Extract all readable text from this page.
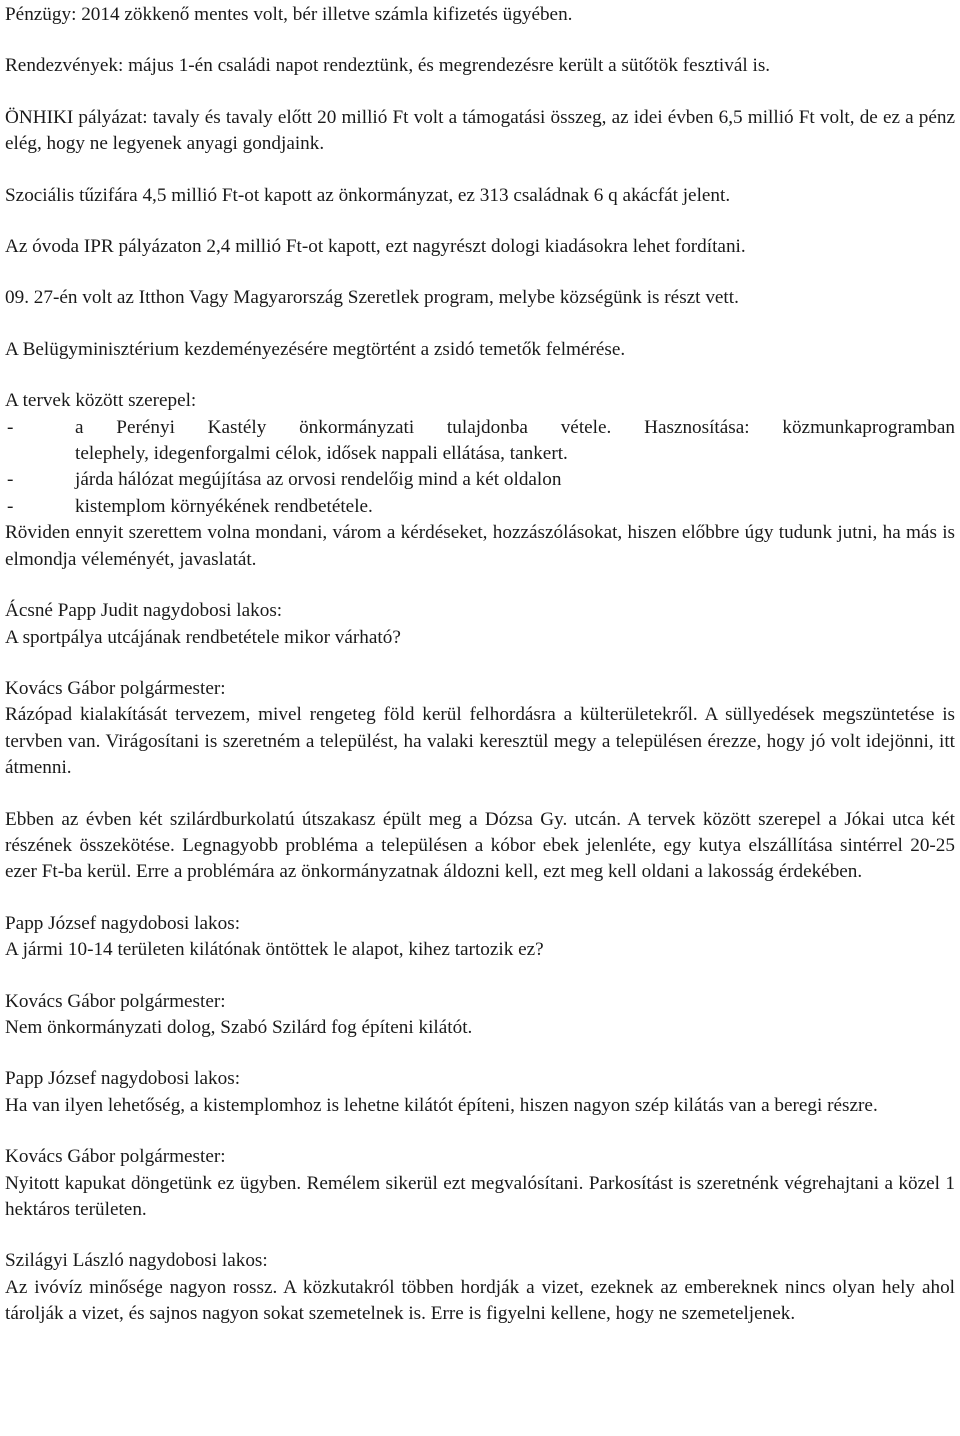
Pénzügy: 2014 zökkenő mentes volt, bér illetve számla kifizetés ügyében.

Rendezvények: május 1-én családi napot rendeztünk, és megrendezésre került a sütőtök fesztivál is.

ÖNHIKI pályázat: tavaly és tavaly előtt 20 millió Ft volt a támogatási összeg, az idei évben 6,5 millió Ft volt, de ez a pénz elég, hogy ne legyenek anyagi gondjaink.

Szociális tűzifára 4,5 millió Ft-ot kapott az önkormányzat, ez 313 családnak 6 q akácfát jelent.

Az óvoda IPR pályázaton 2,4 millió Ft-ot kapott, ezt nagyrészt dologi kiadásokra lehet fordítani.

09. 27-én volt az Itthon Vagy Magyarország Szeretlek program, melybe községünk is részt vett.

A Belügyminisztérium kezdeményezésére megtörtént a zsidó temetők felmérése.

A tervek között szerepel:

-	a Perényi Kastély önkormányzati tulajdonba vétele. Hasznosítása: közmunkaprogramban
telephely, idegenforgalmi célok, idősek nappali ellátása, tankert.
-	járda hálózat megújítása az orvosi rendelőig mind a két oldalon
-	kistemplom környékének rendbetétele.

Röviden ennyit szerettem volna mondani, várom a kérdéseket, hozzászólásokat, hiszen előbbre úgy tudunk jutni, ha más is elmondja véleményét, javaslatát.

Ácsné Papp Judit nagydobosi lakos:

A sportpálya utcájának rendbetétele mikor várható?

Kovács Gábor polgármester:

Rázópad kialakítását tervezem, mivel rengeteg föld kerül felhordásra a külterületekről. A süllyedések megszüntetése is tervben van. Virágosítani is szeretném a települést, ha valaki keresztül megy a településen érezze, hogy jó volt idejönni, itt átmenni.

Ebben az évben két szilárdburkolatú útszakasz épült meg a Dózsa Gy. utcán. A tervek között szerepel a Jókai utca két részének összekötése. Legnagyobb probléma a településen a kóbor ebek jelenléte, egy kutya elszállítása sintérrel 20-25 ezer Ft-ba kerül. Erre a problémára az önkormányzatnak áldozni kell, ezt meg kell oldani a lakosság érdekében.

Papp József nagydobosi lakos:

A jármi 10-14 területen kilátónak öntöttek le alapot, kihez tartozik ez?

Kovács Gábor polgármester:

Nem önkormányzati dolog, Szabó Szilárd fog építeni kilátót.

Papp József nagydobosi lakos:

Ha van ilyen lehetőség, a kistemplomhoz is lehetne kilátót építeni, hiszen nagyon szép kilátás van a beregi részre.

Kovács Gábor polgármester:

Nyitott kapukat döngetünk ez ügyben. Remélem sikerül ezt megvalósítani. Parkosítást is szeretnénk végrehajtani a közel 1 hektáros területen.

Szilágyi László nagydobosi lakos:

Az ivóvíz minősége nagyon rossz. A közkutakról többen hordják a vizet, ezeknek az embereknek nincs olyan hely ahol tárolják a vizet, és sajnos nagyon sokat szemetelnek is. Erre is figyelni kellene, hogy ne szemeteljenek.
